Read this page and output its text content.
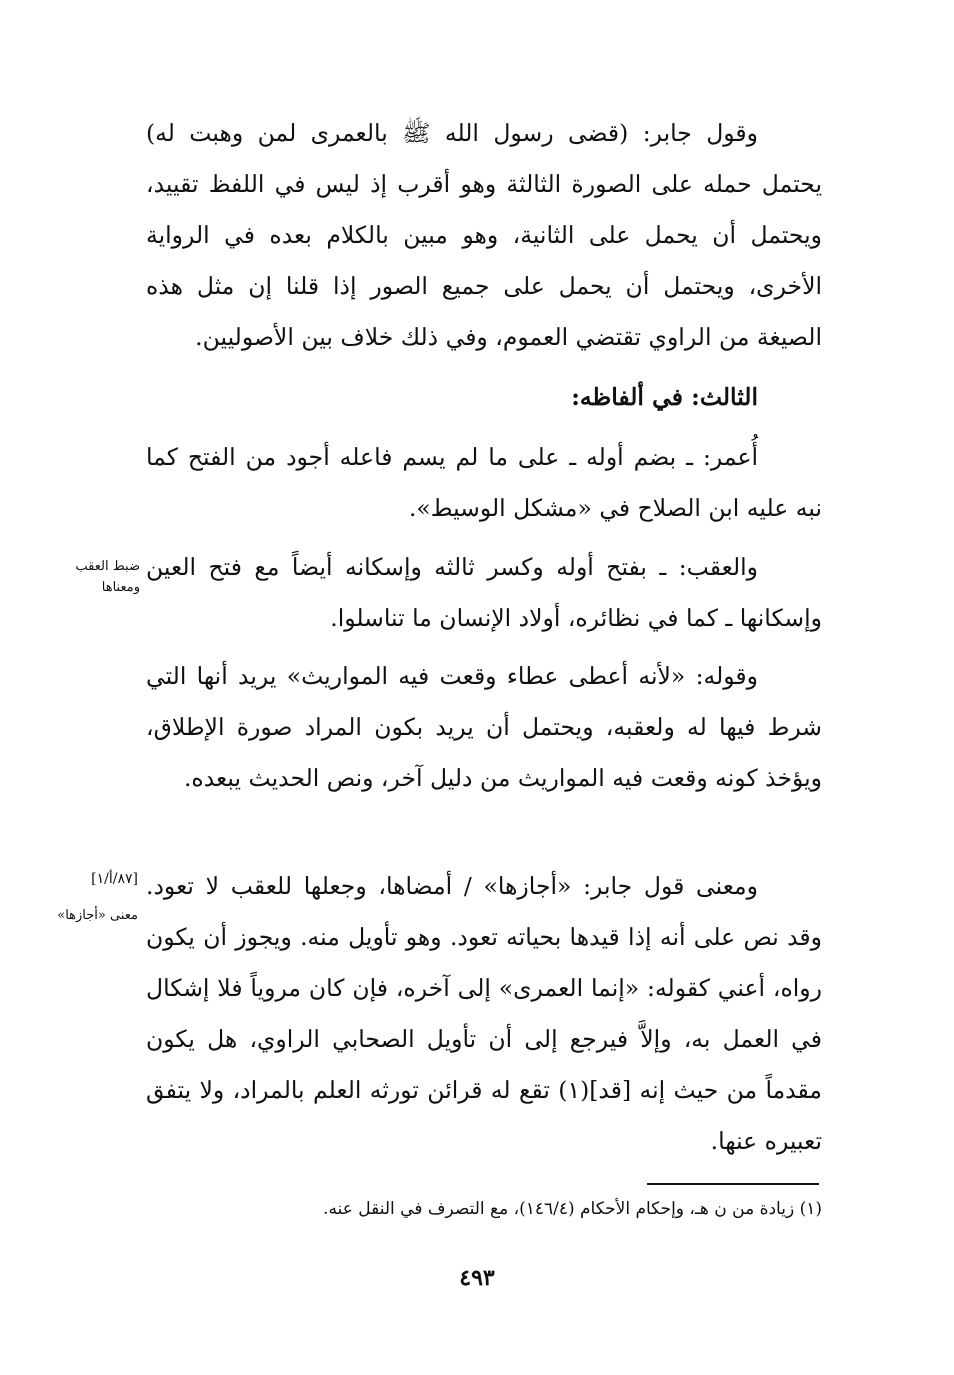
وقول جابر: (قضى رسول الله ﷺ بالعمرى لمن وهبت له) يحتمل حمله على الصورة الثالثة وهو أقرب إذ ليس في اللفظ تقييد، ويحتمل أن يحمل على الثانية، وهو مبين بالكلام بعده في الرواية الأخرى، ويحتمل أن يحمل على جميع الصور إذا قلنا إن مثل هذه الصيغة من الراوي تقتضي العموم، وفي ذلك خلاف بين الأصوليين.

الثالث: في ألفاظه:

أُعمر: ـ بضم أوله ـ على ما لم يسم فاعله أجود من الفتح كما نبه عليه ابن الصلاح في «مشكل الوسيط».

والعقب: ـ بفتح أوله وكسر ثالثه وإسكانه أيضاً مع فتح العين وإسكانها ـ كما في نظائره، أولاد الإنسان ما تناسلوا.

وقوله: «لأنه أعطى عطاء وقعت فيه المواريث» يريد أنها التي شرط فيها له ولعقبه، ويحتمل أن يريد بكون المراد صورة الإطلاق، ويؤخذ كونه وقعت فيه المواريث من دليل آخر، ونص الحديث يبعده.

ومعنى قول جابر: «أجازها» / أمضاها، وجعلها للعقب لا تعود. وقد نص على أنه إذا قيدها بحياته تعود. وهو تأويل منه. ويجوز أن يكون رواه، أعني كقوله: «إنما العمرى» إلى آخره، فإن كان مروياً فلا إشكال في العمل به، وإلاَّ فيرجع إلى أن تأويل الصحابي الراوي، هل يكون مقدماً من حيث إنه [قد](١) تقع له قرائن تورثه العلم بالمراد، ولا يتفق تعبيره عنها.

ضبط العقب
ومعناها
[٨٧/أ/١]
معنى «أجازها»
(١) زيادة من ن هـ، وإحكام الأحكام (١٤٦/٤)، مع التصرف في النقل عنه.
٤٩٣
